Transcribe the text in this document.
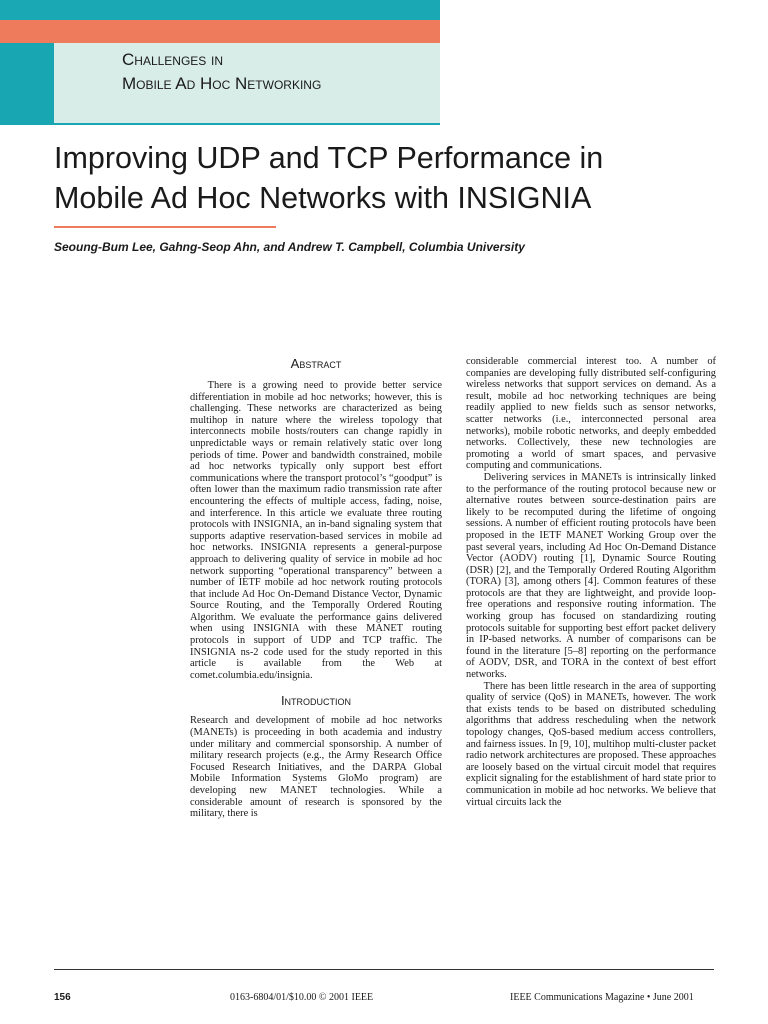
Challenges in
Mobile Ad Hoc Networking
Improving UDP and TCP Performance in
Mobile Ad Hoc Networks with INSIGNIA
Seoung-Bum Lee, Gahng-Seop Ahn, and Andrew T. Campbell, Columbia University
Abstract

There is a growing need to provide better service differentiation in mobile ad hoc networks; however, this is challenging. These networks are characterized as being multihop in nature where the wireless topology that interconnects mobile hosts/routers can change rapidly in unpredictable ways or remain relatively static over long periods of time. Power and bandwidth constrained, mobile ad hoc networks typically only support best effort communications where the transport protocol’s “goodput” is often lower than the maximum radio transmission rate after encountering the effects of multiple access, fading, noise, and interference. In this article we evaluate three routing protocols with INSIGNIA, an in-band signaling system that supports adaptive reservation-based services in mobile ad hoc networks. INSIGNIA represents a general-purpose approach to delivering quality of service in mobile ad hoc network supporting “operational transparency” between a number of IETF mobile ad hoc network routing protocols that include Ad Hoc On-Demand Distance Vector, Dynamic Source Routing, and the Temporally Ordered Routing Algorithm. We evaluate the performance gains delivered when using INSIGNIA with these MANET routing protocols in support of UDP and TCP traffic. The INSIGNIA ns-2 code used for the study reported in this article is available from the Web at comet.columbia.edu/insignia.

Introduction

Research and development of mobile ad hoc networks (MANETs) is proceeding in both academia and industry under military and commercial sponsorship. A number of military research projects (e.g., the Army Research Office Focused Research Initiatives, and the DARPA Global Mobile Information Systems GloMo program) are developing new MANET technologies. While a considerable amount of research is sponsored by the military, there is

considerable commercial interest too. A number of companies are developing fully distributed self-configuring wireless networks that support services on demand. As a result, mobile ad hoc networking techniques are being readily applied to new fields such as sensor networks, scatter networks (i.e., interconnected personal area networks), mobile robotic networks, and deeply embedded networks. Collectively, these new technologies are promoting a world of smart spaces, and pervasive computing and communications.

Delivering services in MANETs is intrinsically linked to the performance of the routing protocol because new or alternative routes between source-destination pairs are likely to be recomputed during the lifetime of ongoing sessions. A number of efficient routing protocols have been proposed in the IETF MANET Working Group over the past several years, including Ad Hoc On-Demand Distance Vector (AODV) routing [1], Dynamic Source Routing (DSR) [2], and the Temporally Ordered Routing Algorithm (TORA) [3], among others [4]. Common features of these protocols are that they are lightweight, and provide loop-free operations and responsive routing information. The working group has focused on standardizing routing protocols suitable for supporting best effort packet delivery in IP-based networks. A number of comparisons can be found in the literature [5–8] reporting on the performance of AODV, DSR, and TORA in the context of best effort networks.

There has been little research in the area of supporting quality of service (QoS) in MANETs, however. The work that exists tends to be based on distributed scheduling algorithms that address rescheduling when the network topology changes, QoS-based medium access controllers, and fairness issues. In [9, 10], multihop multi-cluster packet radio network architectures are proposed. These approaches are loosely based on the virtual circuit model that requires explicit signaling for the establishment of hard state prior to communication in mobile ad hoc networks. We believe that virtual circuits lack the

156	0163-6804/01/$10.00 © 2001 IEEE	IEEE Communications Magazine • June 2001
